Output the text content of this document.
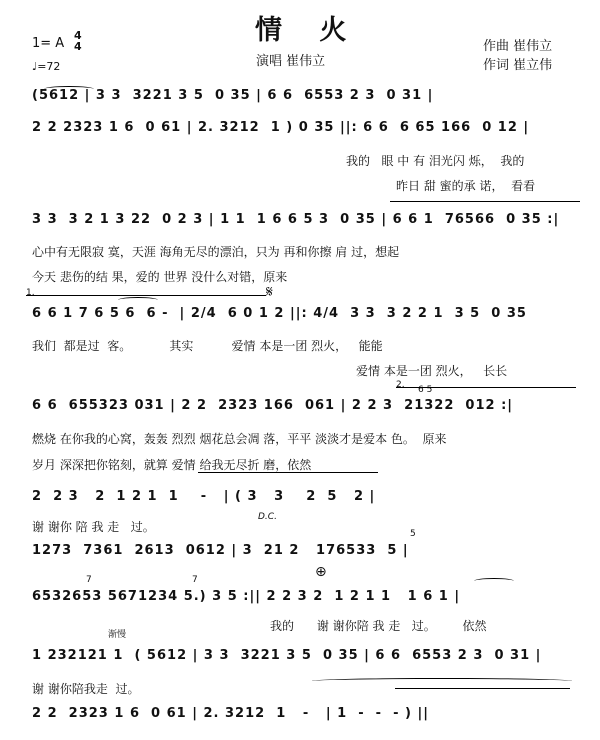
情 火
演唱 崔伟立
作曲 崔伟立
作词 崔立伟
1= A
4
4
♩=72
(5612 | 3 3  3221 3 5  0 35 | 6 6  6553 2 3  0 31 |
2 2 2323 1 6  0 61 | 2. 3212  1 ) 0 35 ||: 6 6  6 65 166  0 12 |
3 3  3 2 1 3 22  0 2 3 | 1 1  1 6 6 5 3  0 35 | 6 6 1  76566  0 35 :|
6 6 1 7 6 5 6  6 -  | 2/4  6 0 1 2 ||: 4/4  3 3  3 2 2 1  3 5  0 35
6 6  655323 031 | 2 2  2323 166  061 | 2 2 3  21322  012 :|
2  2 3   2  1 2 1  1    -   | ( 3   3    2  5   2 |
1273  7361  2613  0612 | 3  21 2   176533  5 |
6532653 5671234 5.) 3 5 :|| 2 2 3 2  1 2 1 1   1 6 1 |
1 232121 1  ( 5612 | 3 3  3221 3 5  0 35 | 6 6  6553 2 3  0 31 |
2 2  2323 1 6  0 61 | 2. 3212  1   -   | 1  -  -  - ) ||
我的   眼 中 有 泪光闪 烁，  我的
昨日 甜 蜜的承 诺，  看看
心中有无限寂 寞，天涯 海角无尽的漂泊，只为 再和你擦 肩 过，想起
今天 悲伤的结 果，爱的 世界 没什么对错，原来
我们  都是过  客。          其实          爱情 本是一团 烈火，   能能
爱情 本是一团 烈火，   长长
燃烧 在你我的心窝，轰轰 烈烈 烟花总会凋 落，平平 淡淡才是爱本 色。  原来
岁月 深深把你铭刻，就算 爱情 给我无尽折 磨，依然
谢 谢你 陪 我 走   过。
我的      谢 谢你陪 我 走   过。       依然
谢 谢你陪我走  过。
𝄋
⊕
D.C.
1.
2.
渐慢
5
7	7
6 5
